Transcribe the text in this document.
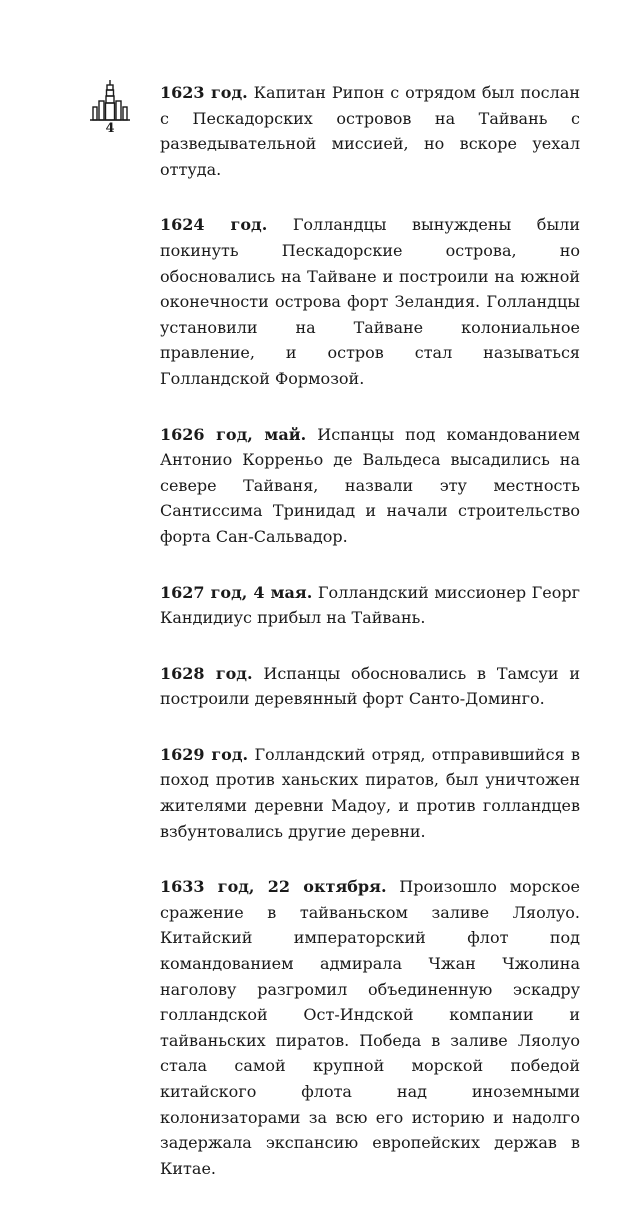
4

1623 год. Капитан Рипон с отрядом был послан с Пескадорских островов на Тайвань с разведывательной миссией, но вскоре уехал оттуда.

1624 год. Голландцы вынуждены были покинуть Пескадорские острова, но обосновались на Тайване и построили на южной оконечности острова форт Зеландия. Голландцы установили на Тайване колониальное правление, и остров стал называться Голландской Формозой.

1626 год, май. Испанцы под командованием Антонио Корреньо де Вальдеса высадились на севере Тайваня, назвали эту местность Сантиссима Тринидад и начали строительство форта Сан-Сальвадор.

1627 год, 4 мая. Голландский миссионер Георг Кандидиус прибыл на Тайвань.

1628 год. Испанцы обосновались в Тамсуи и построили деревянный форт Санто-Доминго.

1629 год. Голландский отряд, отправившийся в поход против ханьских пиратов, был уничтожен жителями деревни Мадоу, и против голландцев взбунтовались другие деревни.

1633 год, 22 октября. Произошло морское сражение в тайваньском заливе Ляолуо. Китайский императорский флот под командованием адмирала Чжан Чжолина наголову разгромил объединенную эскадру голландской Ост-Индской компании и тайваньских пиратов. Победа в заливе Ляолуо стала самой крупной морской победой китайского флота над иноземными колонизаторами за всю его историю и надолго задержала экспансию европейских держав в Китае.
